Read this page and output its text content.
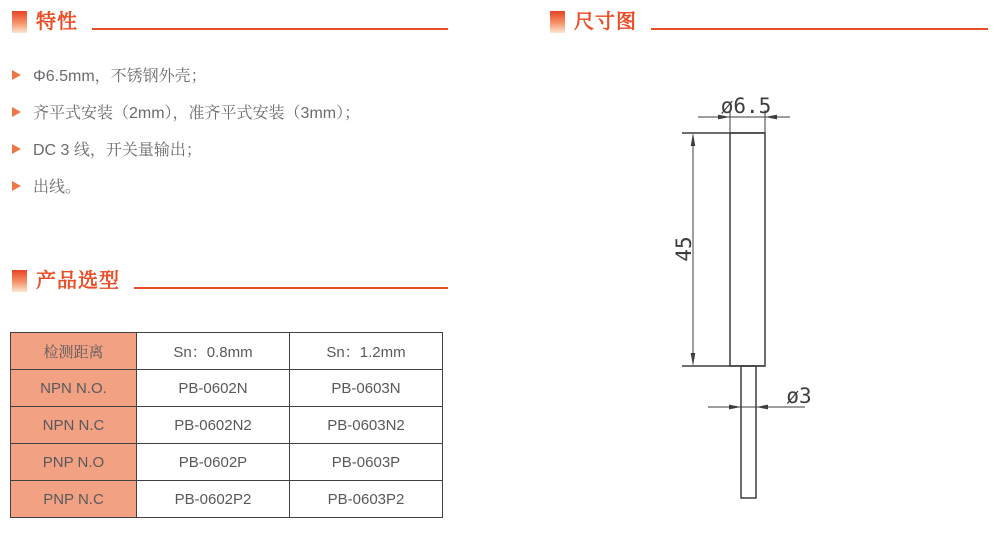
特性
Φ6.5mm，不锈钢外壳；
齐平式安装（2mm），准齐平式安装（3mm）；
DC 3 线，开关量输出；
出线。
产品选型
检测距离	Sn：0.8mm	Sn：1.2mm
NPN N.O.	PB-0602N	PB-0603N
NPN N.C	PB-0602N2	PB-0603N2
PNP N.O	PB-0602P	PB-0603P
PNP N.C	PB-0602P2	PB-0603P2
尺寸图
ø6.5
45
ø3
